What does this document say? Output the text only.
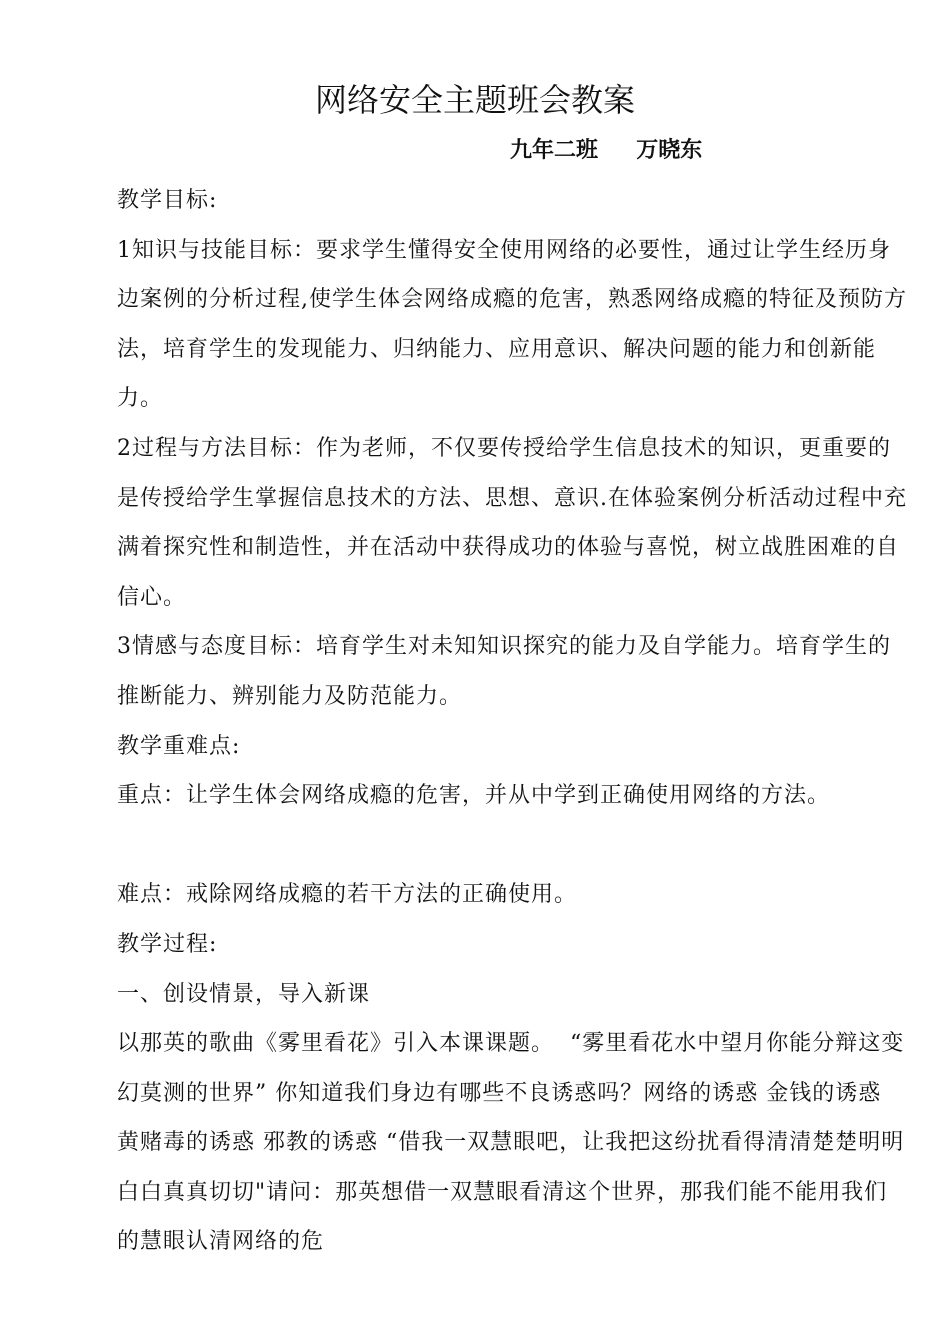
网络安全主题班会教案
九年二班     万晓东

教学目标:

1知识与技能目标：要求学生懂得安全使用网络的必要性，通过让学生经历身边案例的分析过程,使学生体会网络成瘾的危害，熟悉网络成瘾的特征及预防方法，培育学生的发现能力、归纳能力、应用意识、解决问题的能力和创新能力。

2过程与方法目标：作为老师，不仅要传授给学生信息技术的知识，更重要的是传授给学生掌握信息技术的方法、思想、意识.在体验案例分析活动过程中充满着探究性和制造性，并在活动中获得成功的体验与喜悦，树立战胜困难的自信心。

3情感与态度目标：培育学生对未知知识探究的能力及自学能力。培育学生的推断能力、辨别能力及防范能力。

教学重难点:

重点：让学生体会网络成瘾的危害，并从中学到正确使用网络的方法。

难点：戒除网络成瘾的若干方法的正确使用。

教学过程:

一、创设情景，导入新课

以那英的歌曲《雾里看花》引入本课课题。  “雾里看花水中望月你能分辩这变幻莫测的世界” 你知道我们身边有哪些不良诱惑吗？网络的诱惑 金钱的诱惑 黄赌毒的诱惑 邪教的诱惑 “借我一双慧眼吧，让我把这纷扰看得清清楚楚明明白白真真切切"请问：那英想借一双慧眼看清这个世界，那我们能不能用我们的慧眼认清网络的危
